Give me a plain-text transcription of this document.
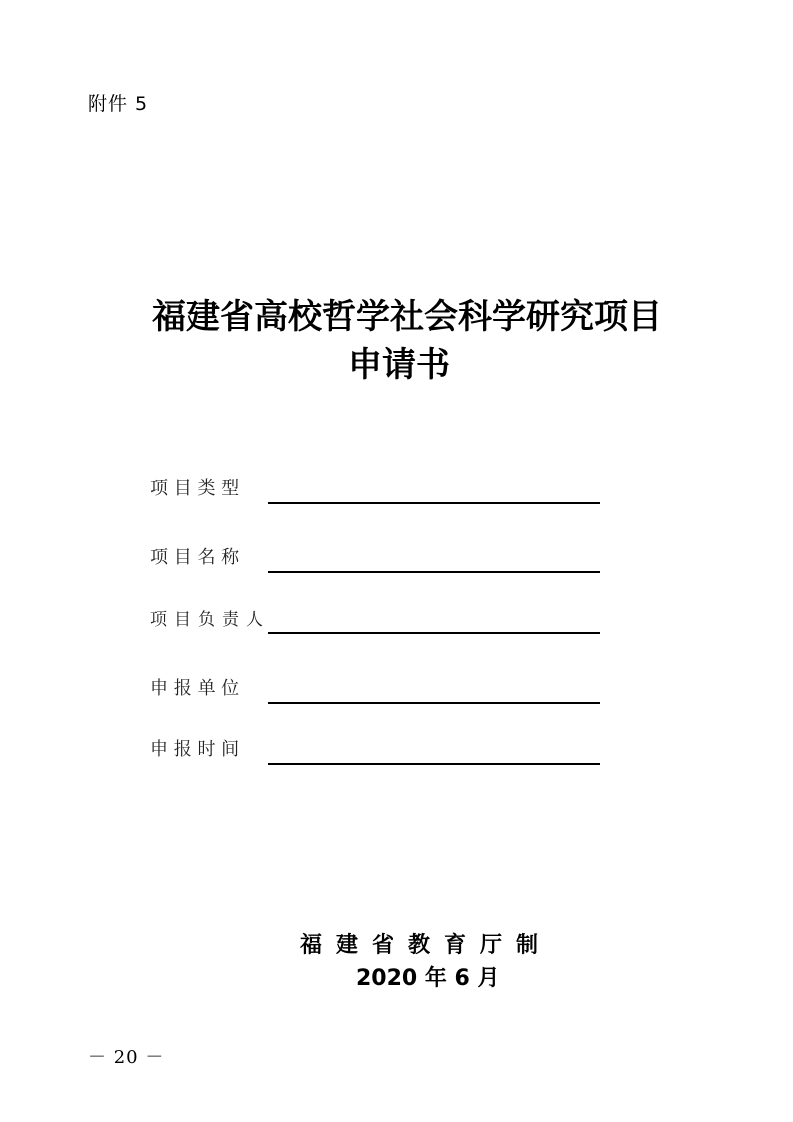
附件 5
福建省高校哲学社会科学研究项目
申请书
项 目 类 型
项 目 名 称
项目负责人
申 报 单 位
申 报 时 间
福建省教育厅制
2020 年 6 月
－ 20 －
